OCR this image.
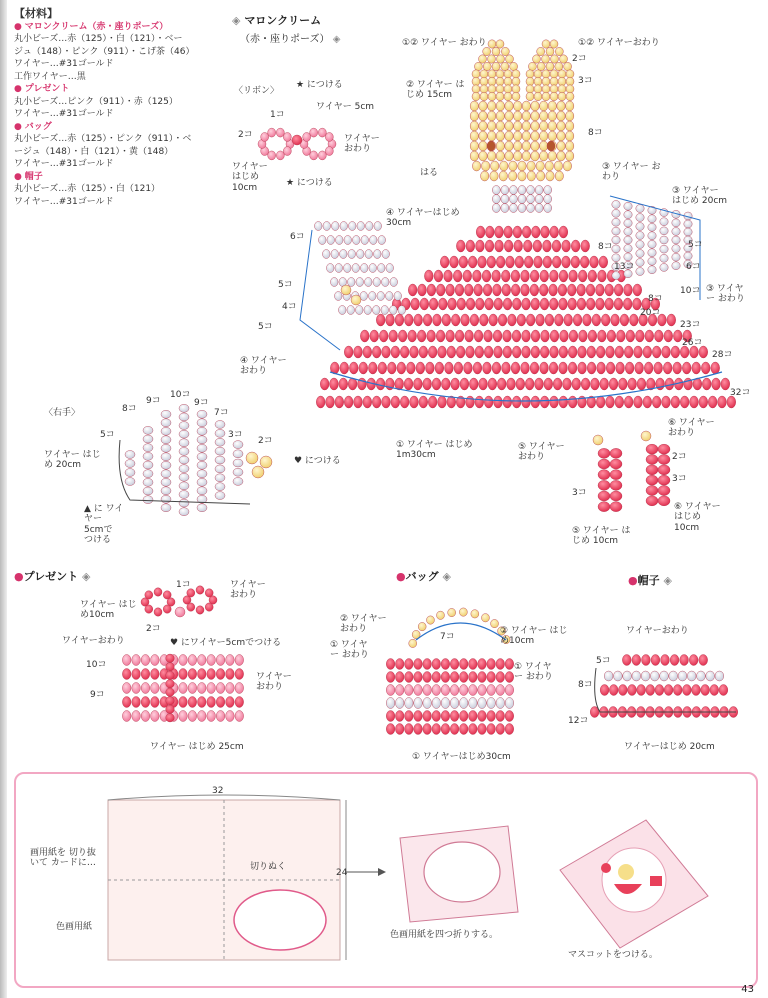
【材料】
● マロンクリーム（赤・座りポーズ）
丸小ビーズ…赤（125）・白（121）・ベー
ジュ（148）・ピンク（911）・こげ茶（46）
ワイヤー…#31ゴールド
工作ワイヤー…黒
● プレゼント
丸小ビーズ…ピンク（911）・赤（125）
ワイヤー…#31ゴールド
● バッグ
丸小ビーズ…赤（125）・ピンク（911）・ベ
ージュ（148）・白（121）・黄（148）
ワイヤー…#31ゴールド
● 帽子
丸小ビーズ…赤（125）・白（121）
ワイヤー…#31ゴールド
◈ マロンクリーム
（赤・座りポーズ） ◈	①② ワイヤー おわり	①② ワイヤーおわり
2コ
3コ
② ワイヤー はじめ 15cm
8コ
はる
③ ワイヤー おわり
③ ワイヤー はじめ 20cm
④ ワイヤーはじめ 30cm
6コ
5コ
8コ
6コ
13コ
5コ
10コ ③ ワイヤー おわり
8コ
4コ
20コ
23コ
5コ
26コ
28コ
④ ワイヤー おわり
32コ
① ワイヤー はじめ 1m30cm
⑤ ワイヤー おわり
⑥ ワイヤー おわり
2コ
3コ
3コ
⑤ ワイヤー はじめ 10cm
⑥ ワイヤー はじめ 10cm
〈リボン〉
★ につける
ワイヤー 5cm
1コ
2コ	ワイヤー おわり
ワイヤー はじめ 10cm	★ につける
〈右手〉
5コ
8コ
9コ
10コ
9コ
7コ
3コ
2コ
ワイヤー はじめ 20cm	♥ につける
▲ に ワイヤー 5cmで つける
●プレゼント ◈
1コ	ワイヤー おわり
ワイヤー はじめ10cm
2コ
ワイヤーおわり	♥ にワイヤー5cmでつける
10コ
9コ
ワイヤー おわり
ワイヤー はじめ 25cm
●バッグ ◈
② ワイヤー おわり
7コ
② ワイヤー はじめ10cm
① ワイヤー おわり
① ワイヤー おわり
① ワイヤーはじめ30cm
●帽子 ◈
ワイヤーおわり
5コ
8コ
12コ
ワイヤーはじめ 20cm
32
24
切りぬく
画用紙を 切り抜いて カードに…
色画用紙
色画用紙を四つ折りする。
マスコットをつける。
43
